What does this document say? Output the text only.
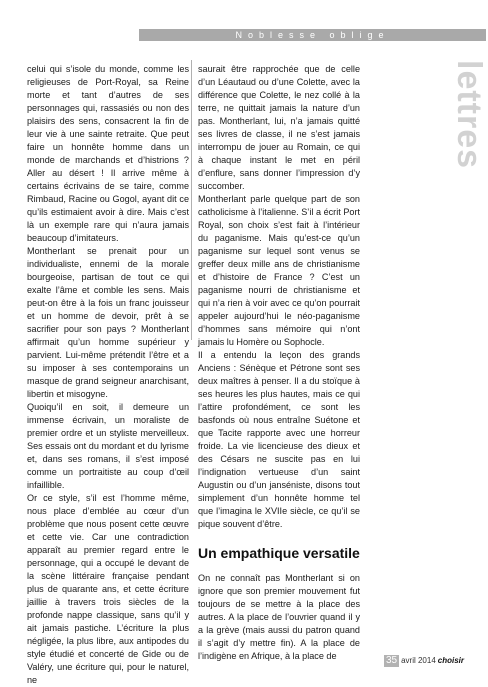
Noblesse oblige
lettres

celui qui s’isole du monde, comme les religieuses de Port-Royal, sa Reine morte et tant d’autres de ses personnages qui, rassasiés ou non des plaisirs des sens, consacrent la fin de leur vie à une sainte retraite. Que peut faire un honnête homme dans un monde de marchands et d’histrions ? Aller au désert ! Il arrive même à certains écrivains de se taire, comme Rimbaud, Racine ou Gogol, ayant dit ce qu’ils estimaient avoir à dire. Mais c’est là un exemple rare qui n’aura jamais beaucoup d’imitateurs.

Montherlant se prenait pour un individualiste, ennemi de la morale bourgeoise, partisan de tout ce qui exalte l’âme et comble les sens. Mais peut-on être à la fois un franc jouisseur et un homme de devoir, prêt à se sacrifier pour son pays ? Montherlant affirmait qu’un homme supérieur y parvient. Lui-même prétendit l’être et a su imposer à ses contemporains un masque de grand seigneur anarchisant, libertin et misogyne.

Quoiqu’il en soit, il demeure un immense écrivain, un moraliste de premier ordre et un styliste merveilleux. Ses essais ont du mordant et du lyrisme et, dans ses romans, il s’est imposé comme un portraitiste au coup d’œil infaillible.

Or ce style, s’il est l’homme même, nous place d’emblée au cœur d’un problème que nous posent cette œuvre et cette vie. Car une contradiction apparaît au premier regard entre le personnage, qui a occupé le devant de la scène littéraire française pendant plus de quarante ans, et cette écriture jaillie à travers trois siècles de la profonde nappe classique, sans qu’il y ait jamais pastiche. L’écriture la plus négligée, la plus libre, aux antipodes du style étudié et concerté de Gide ou de Valéry, une écriture qui, pour le naturel, ne

saurait être rapprochée que de celle d’un Léautaud ou d’une Colette, avec la différence que Colette, le nez collé à la terre, ne quittait jamais la nature d’un pas. Montherlant, lui, n’a jamais quitté ses livres de classe, il ne s’est jamais interrompu de jouer au Romain, ce qui à chaque instant le met en péril d’enflure, sans donner l’impression d’y succomber.

Montherlant parle quelque part de son catholicisme à l’italienne. S’il a écrit Port Royal, son choix s’est fait à l’intérieur du paganisme. Mais qu’est-ce qu’un paganisme sur lequel sont venus se greffer deux mille ans de christianisme et d’histoire de France ? C’est un paganisme nourri de christianisme et qui n’a rien à voir avec ce qu’on pourrait appeler aujourd’hui le néo-paganisme d’hommes sans mémoire qui n’ont jamais lu Homère ou Sophocle.

Il a entendu la leçon des grands Anciens : Sénèque et Pétrone sont ses deux maîtres à penser. Il a du stoïque à ses heures les plus hautes, mais ce qui l’attire profondément, ce sont les basfonds où nous entraîne Suétone et que Tacite rapporte avec une horreur froide. La vie licencieuse des dieux et des Césars ne suscite pas en lui l’indignation vertueuse d’un saint Augustin ou d’un janséniste, disons tout simplement d’un honnête homme tel que l’imagina le XVIIe siècle, ce qu’il se pique souvent d’être.

Un empathique versatile

On ne connaît pas Montherlant si on ignore que son premier mouvement fut toujours de se mettre à la place des autres. A la place de l’ouvrier quand il y a la grève (mais aussi du patron quand il s’agit d’y mettre fin). A la place de l’indigène en Afrique, à la place de	35 avril 2014 choisir
